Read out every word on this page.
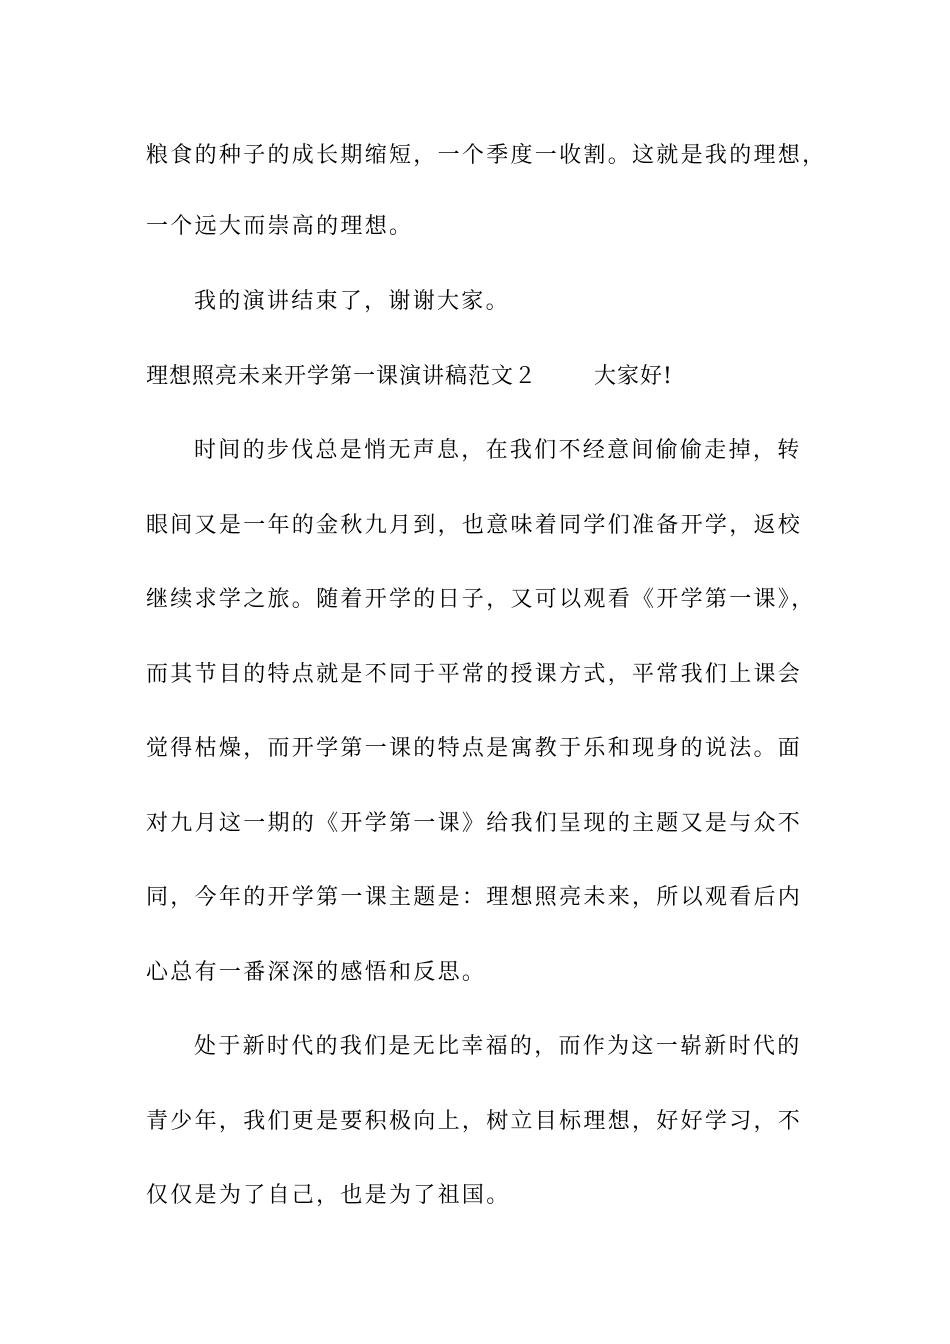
粮食的种子的成长期缩短，一个季度一收割。这就是我的理想，
一个远大而崇高的理想。
我的演讲结束了，谢谢大家。
理想照亮未来开学第一课演讲稿范文２	大家好!
时间的步伐总是悄无声息，在我们不经意间偷偷走掉，转
眼间又是一年的金秋九月到，也意味着同学们准备开学，返校
继续求学之旅。随着开学的日子，又可以观看《开学第一课》，
而其节目的特点就是不同于平常的授课方式，平常我们上课会
觉得枯燥，而开学第一课的特点是寓教于乐和现身的说法。面
对九月这一期的《开学第一课》给我们呈现的主题又是与众不
同，今年的开学第一课主题是：理想照亮未来，所以观看后内
心总有一番深深的感悟和反思。
处于新时代的我们是无比幸福的，而作为这一崭新时代的
青少年，我们更是要积极向上，树立目标理想，好好学习，不
仅仅是为了自己，也是为了祖国。
